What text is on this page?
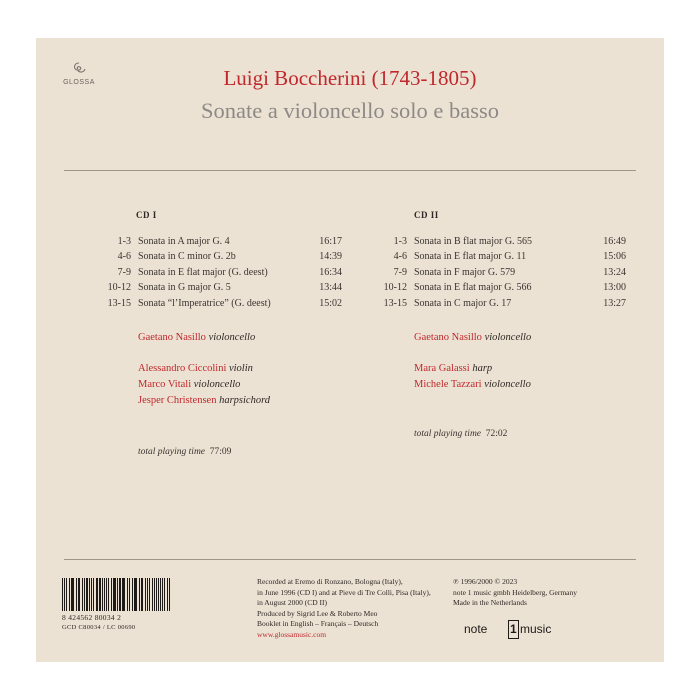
GLOSSA	Luigi Boccherini (1743-1805)
Sonate a violoncello solo e basso
CD I
1-3 Sonata in A major G. 4	16:17
4-6 Sonata in C minor G. 2b	14:39
7-9 Sonata in E flat major (G. deest)	16:34
10-12 Sonata in G major G. 5	13:44
13-15 Sonata “l’Imperatrice” (G. deest)	15:02
Gaetano Nasillo violoncello
Alessandro Ciccolini violin
Marco Vitali violoncello
Jesper Christensen harpsichord
total playing time 77:09
CD II
1-3 Sonata in B flat major G. 565	16:49
4-6 Sonata in E flat major G. 11	15:06
7-9 Sonata in F major G. 579	13:24
10-12 Sonata in E flat major G. 566	13:00
13-15 Sonata in C major G. 17	13:27
Gaetano Nasillo violoncello
Mara Galassi harp
Michele Tazzari violoncello
total playing time 72:02
8 424562 80034 2
GCD C80034 / LC 00690
Recorded at Eremo di Ronzano, Bologna (Italy),
in June 1996 (CD I) and at Pieve di Tre Colli, Pisa (Italy),
in August 2000 (CD II)
Produced by Sigrid Lee & Roberto Meo
Booklet in English – Français – Deutsch
www.glossamusic.com
℗ 1996/2000 © 2023
note 1 music gmbh Heidelberg, Germany
Made in the Netherlands
note 1 music
